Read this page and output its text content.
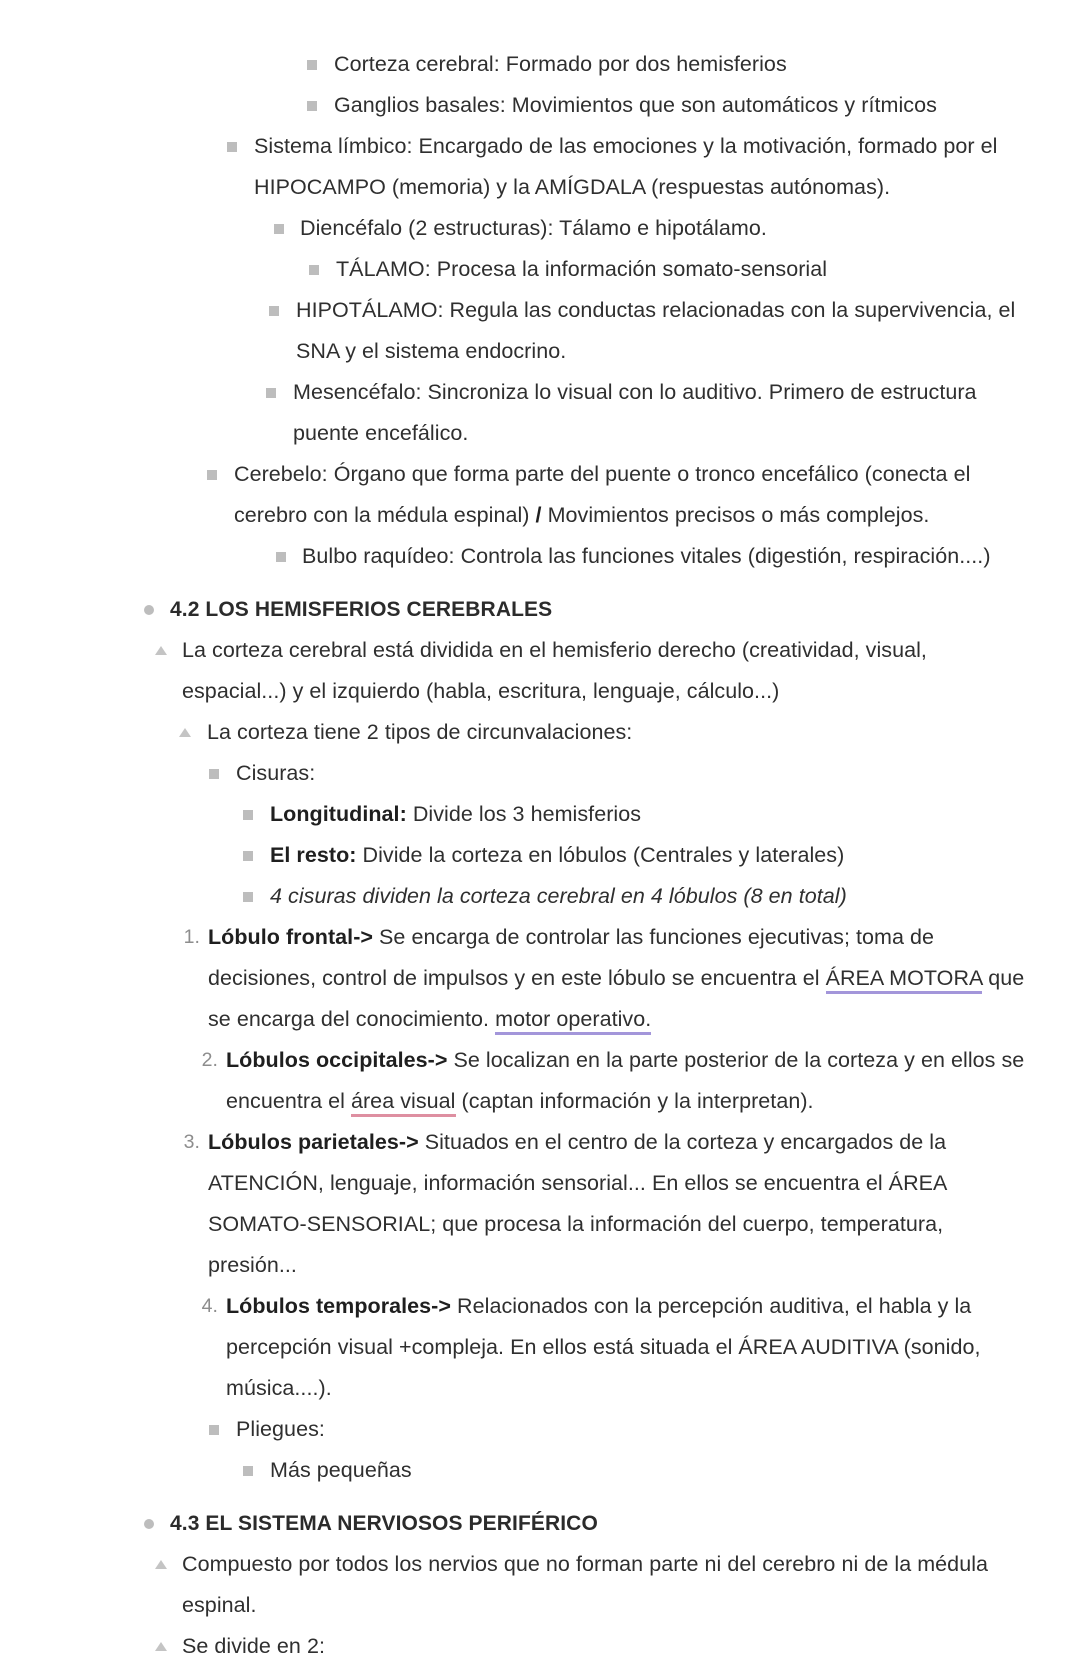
Corteza cerebral: Formado por dos hemisferios
Ganglios basales: Movimientos que son automáticos y rítmicos
Sistema límbico: Encargado de las emociones y la motivación, formado por el HIPOCAMPO (memoria) y la AMÍGDALA (respuestas autónomas).
Diencéfalo (2 estructuras): Tálamo e hipotálamo.
TÁLAMO: Procesa la información somato-sensorial
HIPOTÁLAMO: Regula las conductas relacionadas con la supervivencia, el SNA y el sistema endocrino.
Mesencéfalo: Sincroniza lo visual con lo auditivo. Primero de estructura puente encefálico.
Cerebelo: Órgano que forma parte del puente o tronco encefálico (conecta el cerebro con la médula espinal) / Movimientos precisos o más complejos.
Bulbo raquídeo: Controla las funciones vitales (digestión, respiración....)
4.2 LOS HEMISFERIOS CEREBRALES
La corteza cerebral está dividida en el hemisferio derecho (creatividad, visual, espacial...) y el izquierdo (habla, escritura, lenguaje, cálculo...)
La corteza tiene 2 tipos de circunvalaciones:
Cisuras:
Longitudinal: Divide los 3 hemisferios
El resto: Divide la corteza en lóbulos (Centrales y laterales)
4 cisuras dividen la corteza cerebral en 4 lóbulos (8 en total)
1. Lóbulo frontal-> Se encarga de controlar las funciones ejecutivas; toma de decisiones, control de impulsos y en este lóbulo se encuentra el ÁREA MOTORA que se encarga del conocimiento. motor operativo.
2. Lóbulos occipitales-> Se localizan en la parte posterior de la corteza y en ellos se encuentra el área visual (captan información y la interpretan).
3. Lóbulos parietales-> Situados en el centro de la corteza y encargados de la ATENCIÓN, lenguaje, información sensorial... En ellos se encuentra el ÁREA SOMATO-SENSORIAL; que procesa la información del cuerpo, temperatura, presión...
4. Lóbulos temporales-> Relacionados con la percepción auditiva, el habla y la percepción visual +compleja. En ellos está situada el ÁREA AUDITIVA (sonido, música....).
Pliegues:
Más pequeñas
4.3 EL SISTEMA NERVIOSOS PERIFÉRICO
Compuesto por todos los nervios que no forman parte ni del cerebro ni de la médula espinal.
Se divide en 2:
